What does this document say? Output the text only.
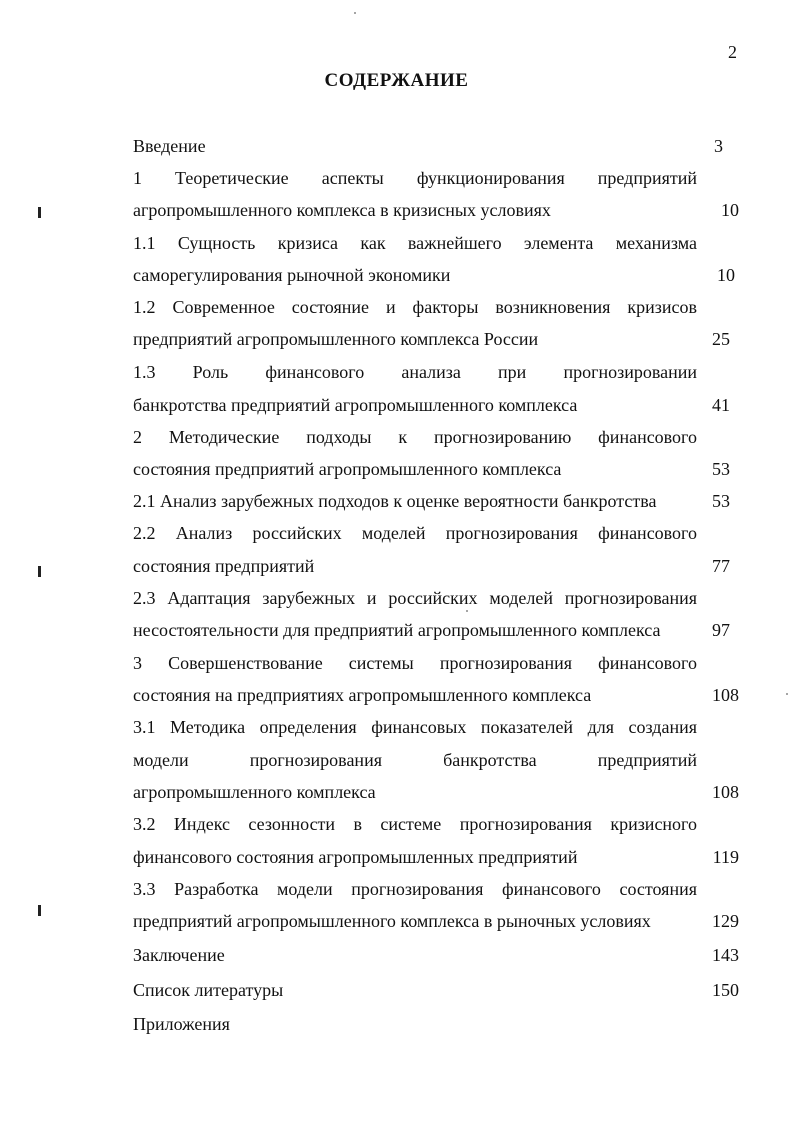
2
СОДЕРЖАНИЕ
Введение	3
1 Теоретические аспекты функционирования предприятий
агропромышленного комплекса в кризисных условиях	10
1.1 Сущность кризиса как важнейшего элемента механизма
саморегулирования рыночной экономики	10
1.2 Современное состояние и факторы возникновения кризисов
предприятий агропромышленного комплекса России	25
1.3 Роль финансового анализа при прогнозировании
банкротства предприятий агропромышленного комплекса	41
2 Методические подходы к прогнозированию финансового
состояния предприятий агропромышленного комплекса	53
2.1 Анализ зарубежных подходов к оценке вероятности банкротства	53
2.2 Анализ российских моделей прогнозирования финансового
состояния предприятий	77
2.3 Адаптация зарубежных и российских моделей прогнозирования
несостоятельности для предприятий агропромышленного комплекса	97
3 Совершенствование системы прогнозирования финансового
состояния на предприятиях агропромышленного комплекса	108
3.1 Методика определения финансовых показателей для создания
модели прогнозирования банкротства предприятий
агропромышленного комплекса	108
3.2 Индекс сезонности в системе прогнозирования кризисного
финансового состояния агропромышленных предприятий	119
3.3 Разработка модели прогнозирования финансового состояния
предприятий агропромышленного комплекса в рыночных условиях	129
Заключение	143
Список литературы	150
Приложения
